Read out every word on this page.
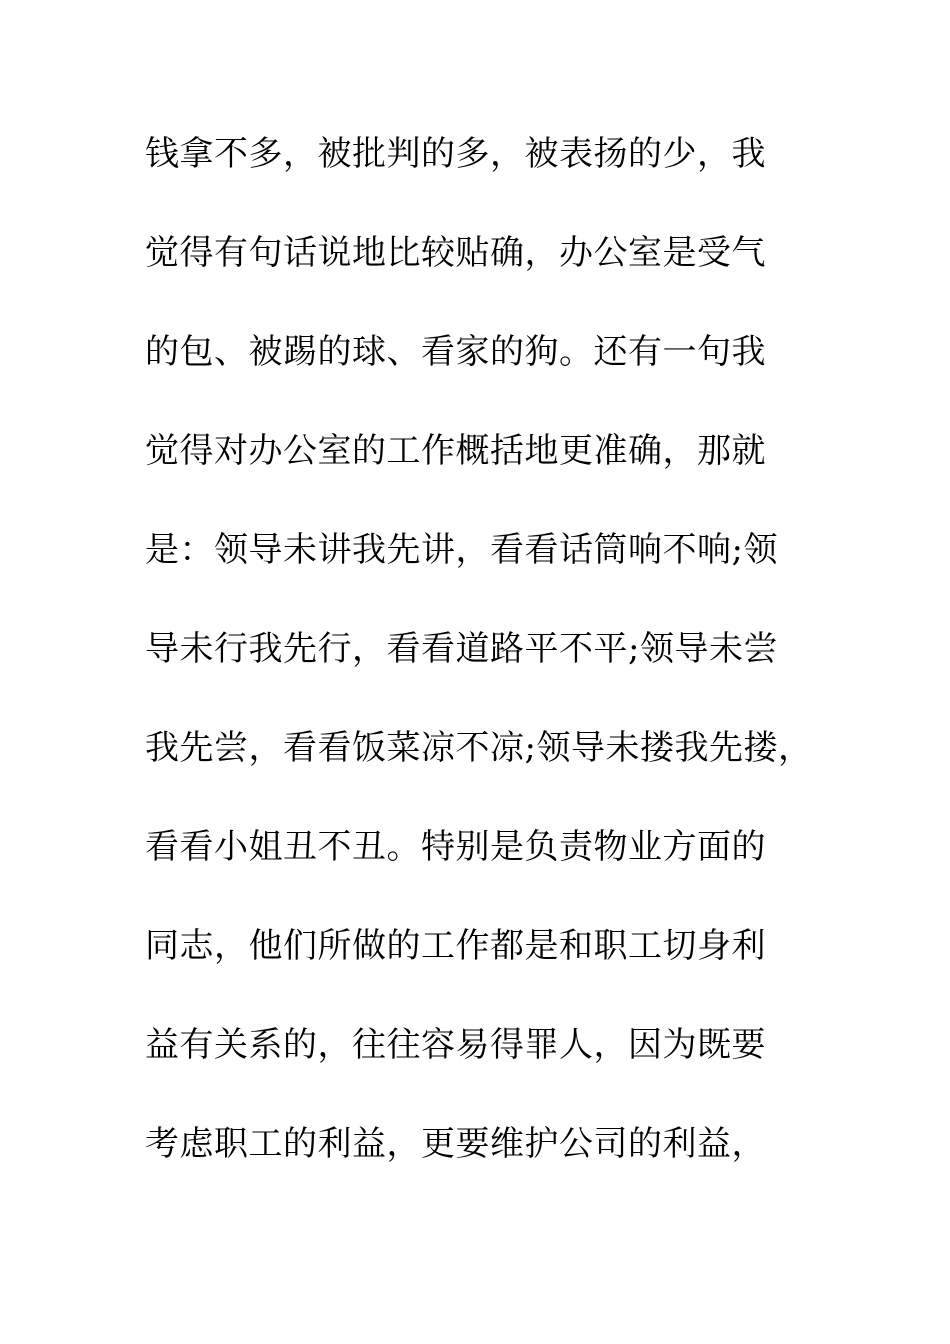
钱拿不多，被批判的多，被表扬的少，我
觉得有句话说地比较贴确，办公室是受气
的包、被踢的球、看家的狗。还有一句我
觉得对办公室的工作概括地更准确，那就
是：领导未讲我先讲，看看话筒响不响;领
导未行我先行，看看道路平不平;领导未尝
我先尝，看看饭菜凉不凉;领导未搂我先搂，
看看小姐丑不丑。特别是负责物业方面的
同志，他们所做的工作都是和职工切身利
益有关系的，往往容易得罪人，因为既要
考虑职工的利益，更要维护公司的利益，
